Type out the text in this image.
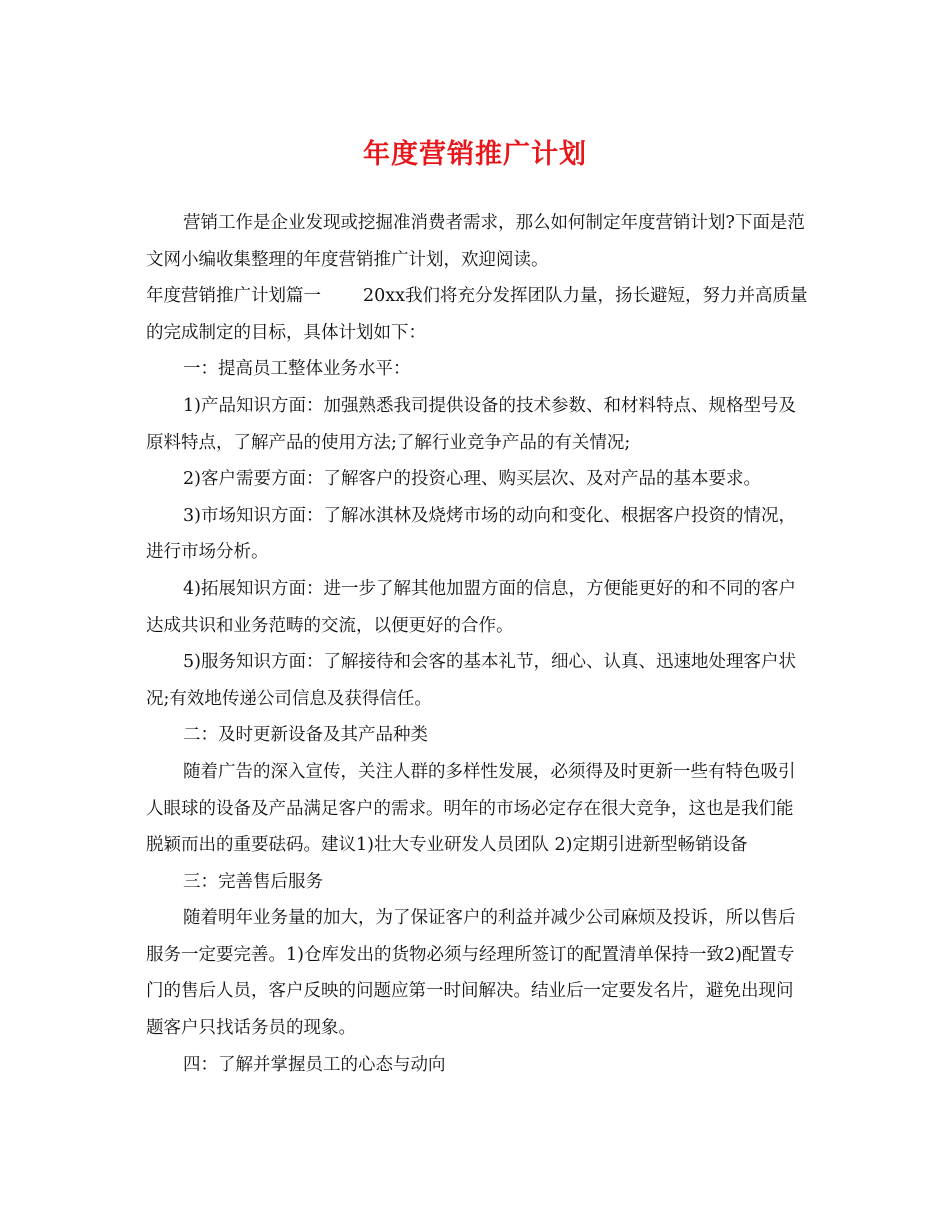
年度营销推广计划

营销工作是企业发现或挖掘准消费者需求，那么如何制定年度营销计划?下面是范文网小编收集整理的年度营销推广计划，欢迎阅读。

年度营销推广计划篇一 20xx我们将充分发挥团队力量，扬长避短，努力并高质量的完成制定的目标，具体计划如下：

一：提高员工整体业务水平：

1)产品知识方面：加强熟悉我司提供设备的技术参数、和材料特点、规格型号及原料特点，了解产品的使用方法;了解行业竞争产品的有关情况;

2)客户需要方面：了解客户的投资心理、购买层次、及对产品的基本要求。

3)市场知识方面：了解冰淇林及烧烤市场的动向和变化、根据客户投资的情况，进行市场分析。

4)拓展知识方面：进一步了解其他加盟方面的信息，方便能更好的和不同的客户达成共识和业务范畴的交流，以便更好的合作。

5)服务知识方面：了解接待和会客的基本礼节，细心、认真、迅速地处理客户状况;有效地传递公司信息及获得信任。

二：及时更新设备及其产品种类

随着广告的深入宣传，关注人群的多样性发展，必须得及时更新一些有特色吸引人眼球的设备及产品满足客户的需求。明年的市场必定存在很大竞争，这也是我们能脱颖而出的重要砝码。建议1)壮大专业研发人员团队 2)定期引进新型畅销设备

三：完善售后服务

随着明年业务量的加大，为了保证客户的利益并减少公司麻烦及投诉，所以售后服务一定要完善。1)仓库发出的货物必须与经理所签订的配置清单保持一致2)配置专门的售后人员，客户反映的问题应第一时间解决。结业后一定要发名片，避免出现问题客户只找话务员的现象。

四：了解并掌握员工的心态与动向
